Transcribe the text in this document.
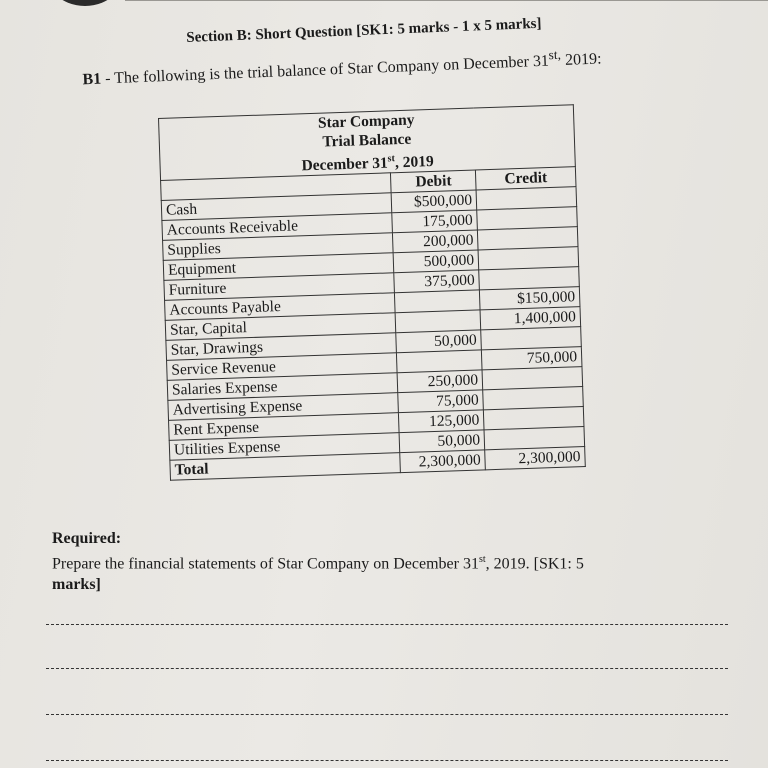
Section B: Short Question [SK1: 5 marks - 1 x 5 marks]
B1 - The following is the trial balance of Star Company on December $31^{st,}$ 2019:
Star Company
Trial Balance
December 31st, 2019		

	Debit	Credit
Cash	$500,000	
Accounts Receivable	175,000	
Supplies	200,000	
Equipment	500,000	
Furniture	375,000	
Accounts Payable		$150,000
Star, Capital		1,400,000
Star, Drawings	50,000	
Service Revenue		750,000
Salaries Expense	250,000	
Advertising Expense	75,000	
Rent Expense	125,000	
Utilities Expense	50,000	
Total	2,300,000	2,300,000
Required:
Prepare the financial statements of Star Company on December 31st, 2019. [SK1: 5
marks]
